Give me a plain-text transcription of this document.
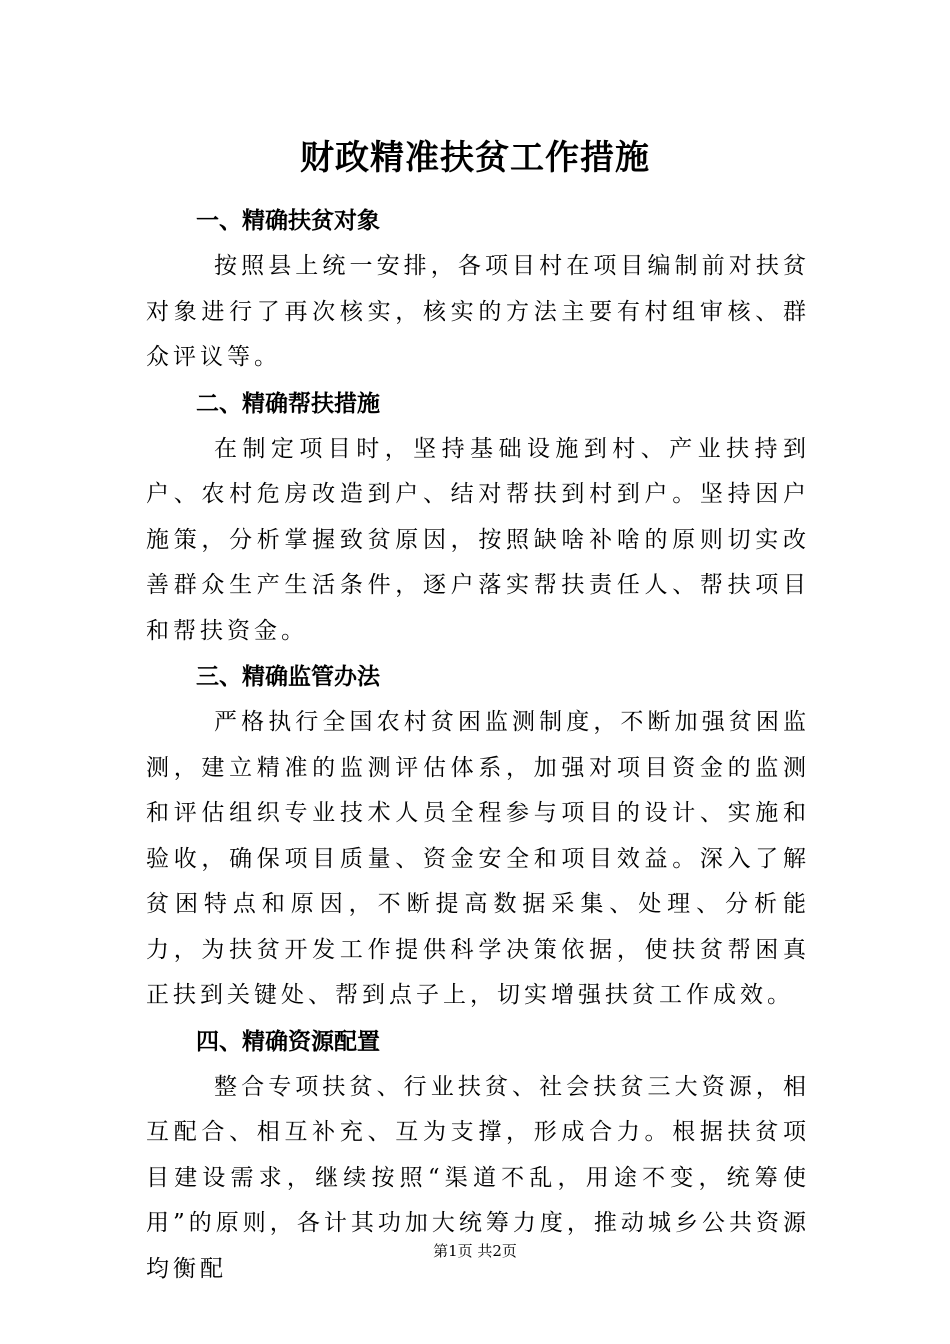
财政精准扶贫工作措施
一、精确扶贫对象

按照县上统一安排，各项目村在项目编制前对扶贫对象进行了再次核实，核实的方法主要有村组审核、群众评议等。

二、精确帮扶措施

在制定项目时，坚持基础设施到村、产业扶持到户、农村危房改造到户、结对帮扶到村到户。坚持因户施策，分析掌握致贫原因，按照缺啥补啥的原则切实改善群众生产生活条件，逐户落实帮扶责任人、帮扶项目和帮扶资金。

三、精确监管办法

严格执行全国农村贫困监测制度，不断加强贫困监测，建立精准的监测评估体系，加强对项目资金的监测和评估组织专业技术人员全程参与项目的设计、实施和验收，确保项目质量、资金安全和项目效益。深入了解贫困特点和原因，不断提高数据采集、处理、分析能力，为扶贫开发工作提供科学决策依据，使扶贫帮困真正扶到关键处、帮到点子上，切实增强扶贫工作成效。

四、精确资源配置

整合专项扶贫、行业扶贫、社会扶贫三大资源，相互配合、相互补充、互为支撑，形成合力。根据扶贫项目建设需求，继续按照“渠道不乱，用途不变，统筹使用”的原则，各计其功加大统筹力度，推动城乡公共资源均衡配

第1页 共2页
